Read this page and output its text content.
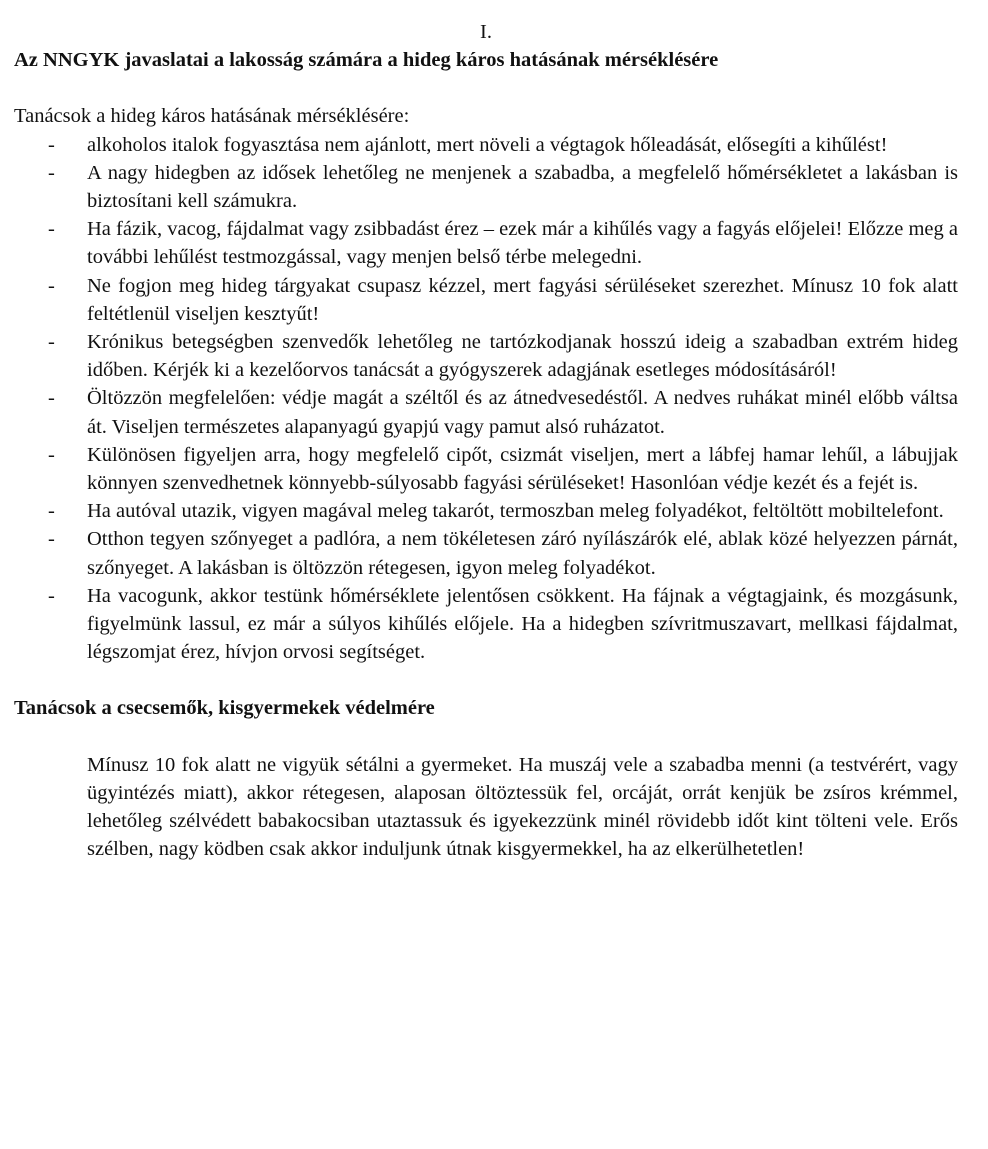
I.

Az NNGYK javaslatai a lakosság számára a hideg káros hatásának mérséklésére

Tanácsok a hideg káros hatásának mérséklésére:

- alkoholos italok fogyasztása nem ajánlott, mert növeli a végtagok hőleadását, elősegíti a kihűlést!
- A nagy hidegben az idősek lehetőleg ne menjenek a szabadba, a megfelelő hőmérsékletet a lakásban is biztosítani kell számukra.
- Ha fázik, vacog, fájdalmat vagy zsibbadást érez – ezek már a kihűlés vagy a fagyás előjelei! Előzze meg a további lehűlést testmozgással, vagy menjen belső térbe melegedni.
- Ne fogjon meg hideg tárgyakat csupasz kézzel, mert fagyási sérüléseket szerezhet. Mínusz 10 fok alatt feltétlenül viseljen kesztyűt!
- Krónikus betegségben szenvedők lehetőleg ne tartózkodjanak hosszú ideig a szabadban extrém hideg időben. Kérjék ki a kezelőorvos tanácsát a gyógyszerek adagjának esetleges módosításáról!
- Öltözzön megfelelően: védje magát a széltől és az átnedvesedéstől. A nedves ruhákat minél előbb váltsa át. Viseljen természetes alapanyagú gyapjú vagy pamut alsó ruházatot.
- Különösen figyeljen arra, hogy megfelelő cipőt, csizmát viseljen, mert a lábfej hamar lehűl, a lábujjak könnyen szenvedhetnek könnyebb-súlyosabb fagyási sérüléseket! Hasonlóan védje kezét és a fejét is.
- Ha autóval utazik, vigyen magával meleg takarót, termoszban meleg folyadékot, feltöltött mobiltelefont.
- Otthon tegyen szőnyeget a padlóra, a nem tökéletesen záró nyílászárók elé, ablak közé helyezzen párnát, szőnyeget. A lakásban is öltözzön rétegesen, igyon meleg folyadékot.
- Ha vacogunk, akkor testünk hőmérséklete jelentősen csökkent. Ha fájnak a végtagjaink, és mozgásunk, figyelmünk lassul, ez már a súlyos kihűlés előjele. Ha a hidegben szívritmuszavart, mellkasi fájdalmat, légszomjat érez, hívjon orvosi segítséget.

Tanácsok a csecsemők, kisgyermekek védelmére

Mínusz 10 fok alatt ne vigyük sétálni a gyermeket. Ha muszáj vele a szabadba menni (a testvérért, vagy ügyintézés miatt), akkor rétegesen, alaposan öltöztessük fel, orcáját, orrát kenjük be zsíros krémmel, lehetőleg szélvédett babakocsiban utaztassuk és igyekezzünk minél rövidebb időt kint tölteni vele. Erős szélben, nagy ködben csak akkor induljunk útnak kisgyermekkel, ha az elkerülhetetlen!
